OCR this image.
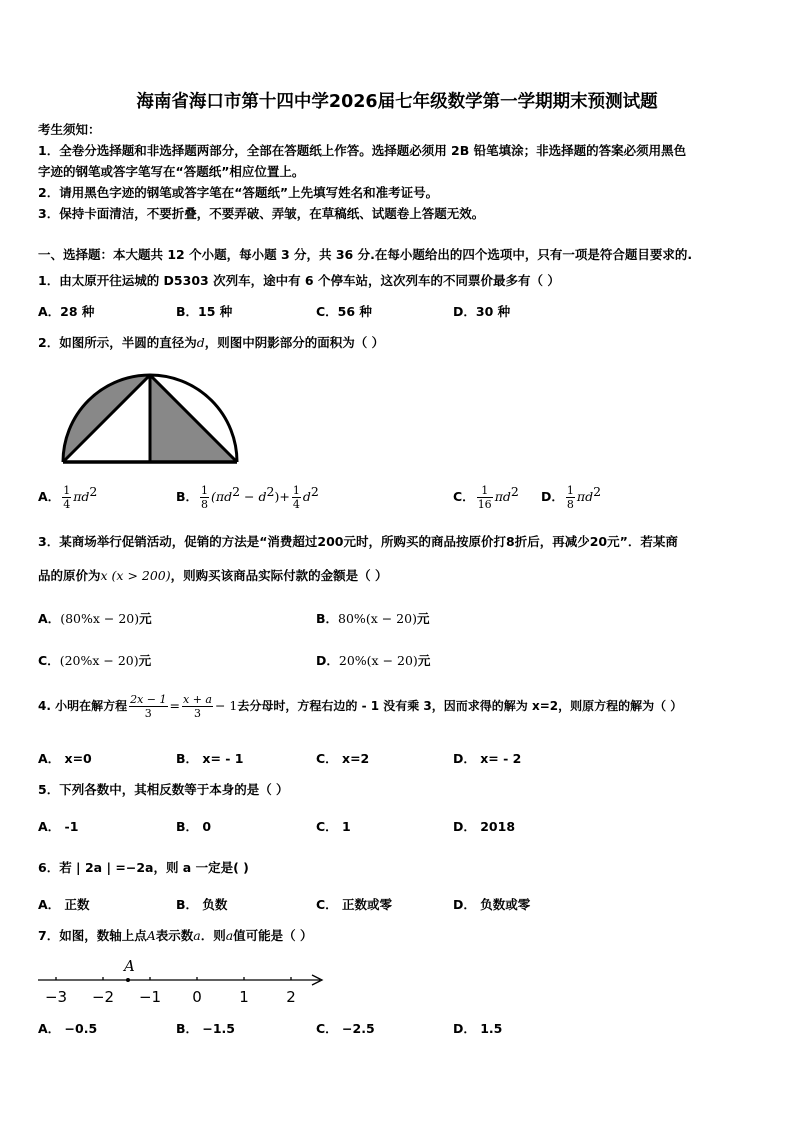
海南省海口市第十四中学2026届七年级数学第一学期期末预测试题
考生须知：
1．全卷分选择题和非选择题两部分，全部在答题纸上作答。选择题必须用 2B 铅笔填涂；非选择题的答案必须用黑色
字迹的钢笔或答字笔写在“答题纸”相应位置上。
2．请用黑色字迹的钢笔或答字笔在“答题纸”上先填写姓名和准考证号。
3．保持卡面清洁，不要折叠，不要弄破、弄皱，在草稿纸、试题卷上答题无效。
一、选择题：本大题共 12 个小题，每小题 3 分，共 36 分.在每小题给出的四个选项中，只有一项是符合题目要求的.
1．由太原开往运城的 D5303 次列车，途中有 6 个停车站，这次列车的不同票价最多有（ ）
A．28 种	B．15 种	C．56 种	D．30 种
2．如图所示，半圆的直径为d，则图中阴影部分的面积为（ ）
A． $\frac{1}{4} \pi d^2$	B． $\frac{1}{8} (\pi d^2 - d^2)+ \frac{1}{4} d^2$	C． $\frac{1}{16} \pi d^2$ D． $\frac{1}{8} \pi d^2$
3．某商场举行促销活动，促销的方法是“消费超过200元时，所购买的商品按原价打8折后，再减少20元”．若某商
品的原价为x (x > 200)，则购买该商品实际付款的金额是（ ）
A．(80%x − 20)元	B．80%(x − 20)元
C．(20%x − 20)元	D．20%(x − 20)元
4. 小明在解方程 $\frac{2x - 1}{3} = \frac{x + a}{3} - 1$去分母时，方程右边的 - 1 没有乘 3，因而求得的解为 x=2，则原方程的解为（ ）
A． x=0	B． x= - 1	C． x=2	D． x= - 2
5．下列各数中，其相反数等于本身的是（ ）
A． -1	B． 0	C． 1	D． 2018
6．若 | 2a | =−2a，则 a 一定是( )
A． 正数	B． 负数	C． 正数或零	D． 负数或零
7．如图，数轴上点A表示数a．则a值可能是（ ）
−3 −2 −1 0 1 2
A
A． −0.5	B． −1.5	C． −2.5	D． 1.5
